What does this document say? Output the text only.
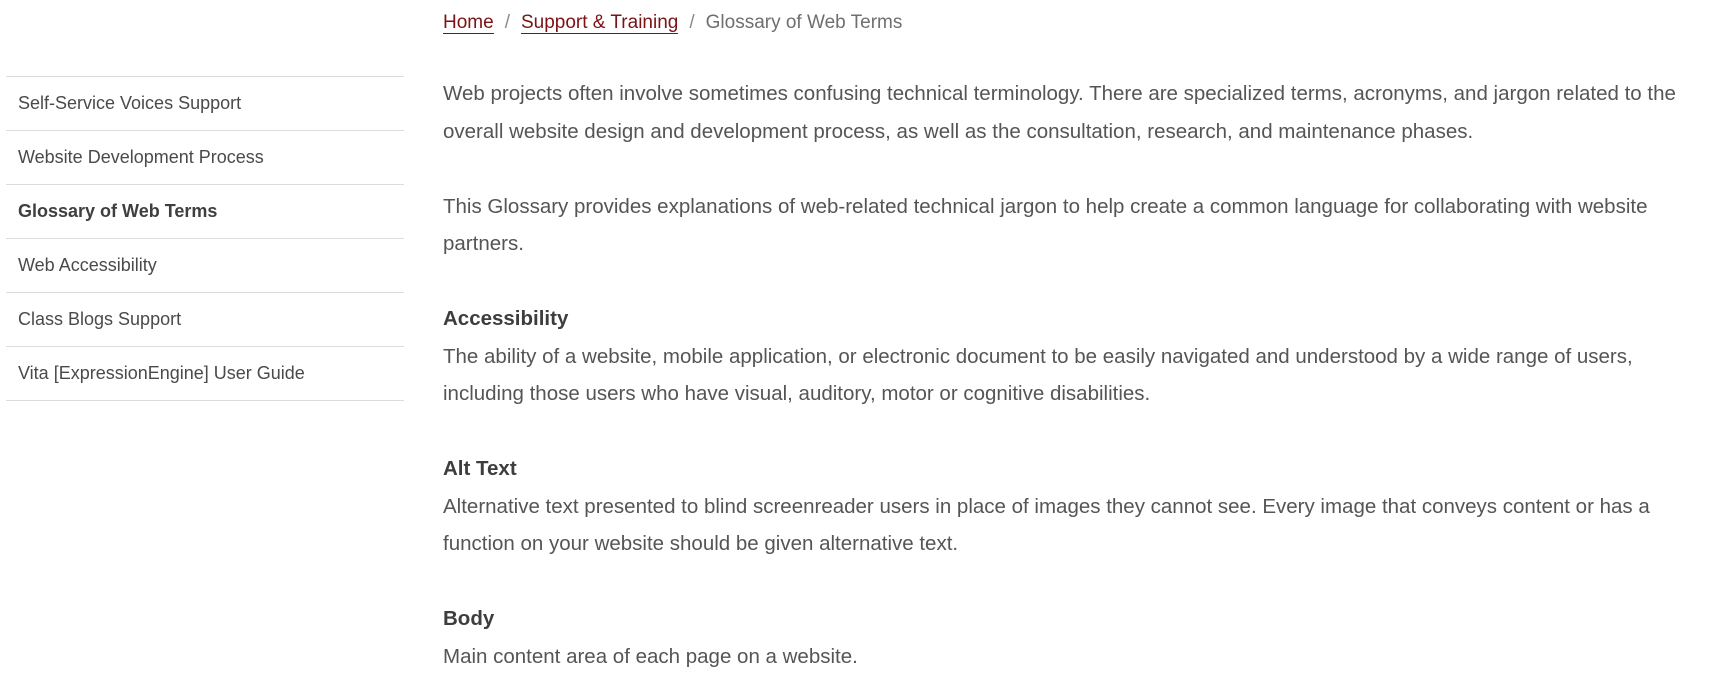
Home / Support & Training / Glossary of Web Terms
Self-Service Voices Support
Website Development Process
Glossary of Web Terms
Web Accessibility
Class Blogs Support
Vita [ExpressionEngine] User Guide

Web projects often involve sometimes confusing technical terminology. There are specialized terms, acronyms, and jargon related to the overall website design and development process, as well as the consultation, research, and maintenance phases.

This Glossary provides explanations of web-related technical jargon to help create a common language for collaborating with website partners.

Accessibility
The ability of a website, mobile application, or electronic document to be easily navigated and understood by a wide range of users, including those users who have visual, auditory, motor or cognitive disabilities.
Alt Text
Alternative text presented to blind screenreader users in place of images they cannot see. Every image that conveys content or has a function on your website should be given alternative text.
Body
Main content area of each page on a website.
